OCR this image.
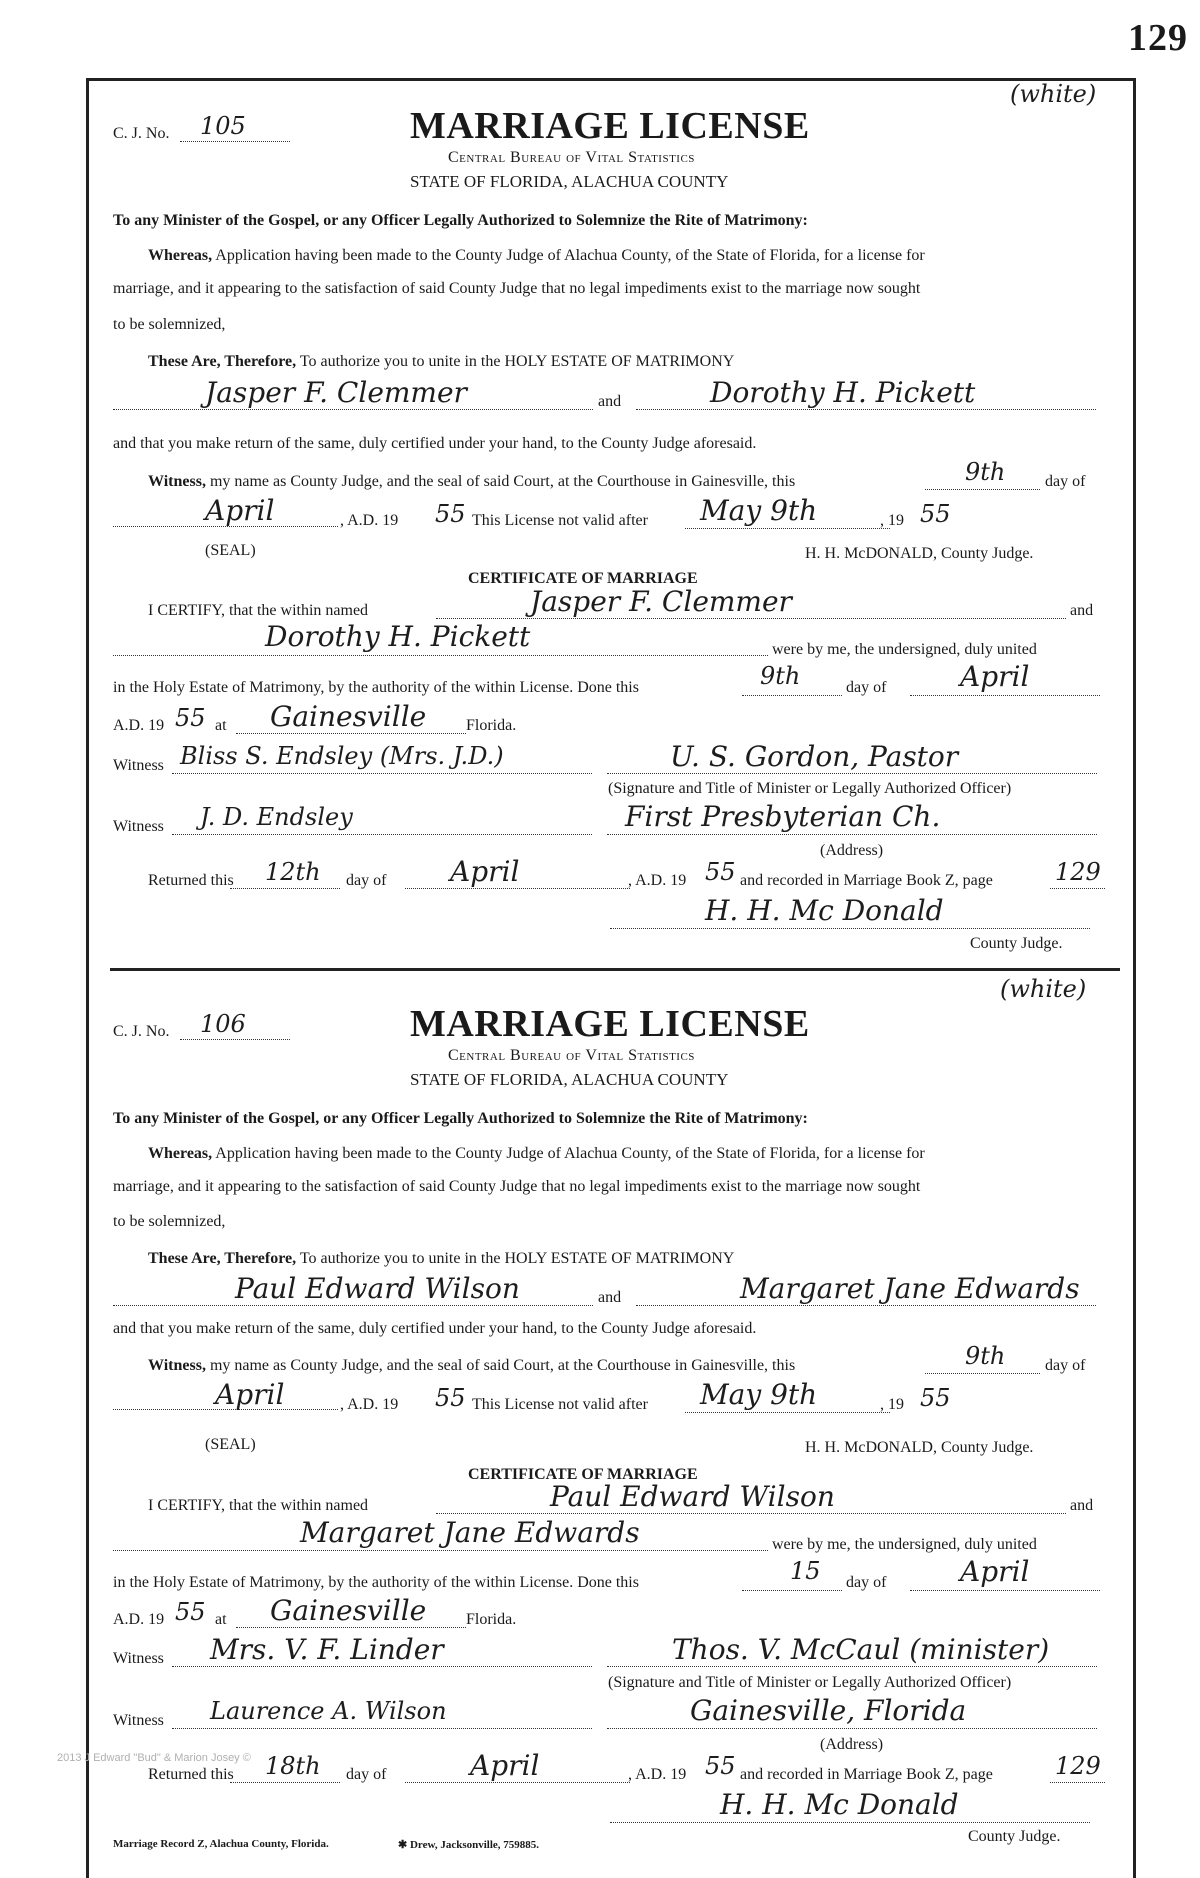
129
C. J. No. 105
(white)
MARRIAGE LICENSE
Central Bureau of Vital Statistics
STATE OF FLORIDA, ALACHUA COUNTY
To any Minister of the Gospel, or any Officer Legally Authorized to Solemnize the Rite of Matrimony:
Whereas, Application having been made to the County Judge of Alachua County, of the State of Florida, for a license for
marriage, and it appearing to the satisfaction of said County Judge that no legal impediments exist to the marriage now sought
to be solemnized,
These Are, Therefore, To authorize you to unite in the HOLY ESTATE OF MATRIMONY
Jasper F. Clemmer	and	Dorothy H. Pickett
and that you make return of the same, duly certified under your hand, to the County Judge aforesaid.
Witness, my name as County Judge, and the seal of said Court, at the Courthouse in Gainesville, this	9th day of
April	, A.D. 19 55 This License not valid after May 9th	, 19 55
(SEAL)	H. H. McDONALD, County Judge.
CERTIFICATE OF MARRIAGE
I CERTIFY, that the within named	Jasper F. Clemmer	and
Dorothy H. Pickett	were by me, the undersigned, duly united
in the Holy Estate of Matrimony, by the authority of the within License. Done this	9th	day of	April
A.D. 19 55 at Gainesville Florida.
Witness Bliss S. Endsley (Mrs. J.D.)	U. S. Gordon, Pastor
(Signature and Title of Minister or Legally Authorized Officer)
Witness J. D. Endsley	First Presbyterian Ch.
(Address)
Returned this 12th day of April	, A.D. 19 55 and recorded in Marriage Book Z, page	129
H. H. Mc Donald
County Judge.
C. J. No. 106
(white)
MARRIAGE LICENSE
Central Bureau of Vital Statistics
STATE OF FLORIDA, ALACHUA COUNTY
To any Minister of the Gospel, or any Officer Legally Authorized to Solemnize the Rite of Matrimony:
Whereas, Application having been made to the County Judge of Alachua County, of the State of Florida, for a license for
marriage, and it appearing to the satisfaction of said County Judge that no legal impediments exist to the marriage now sought
to be solemnized,
These Are, Therefore, To authorize you to unite in the HOLY ESTATE OF MATRIMONY
Paul Edward Wilson	and	Margaret Jane Edwards
and that you make return of the same, duly certified under your hand, to the County Judge aforesaid.
Witness, my name as County Judge, and the seal of said Court, at the Courthouse in Gainesville, this	9th day of
April	, A.D. 19 55 This License not valid after May 9th	, 19 55
(SEAL)	H. H. McDONALD, County Judge.
CERTIFICATE OF MARRIAGE
I CERTIFY, that the within named	Paul Edward Wilson	and
Margaret Jane Edwards	were by me, the undersigned, duly united
in the Holy Estate of Matrimony, by the authority of the within License. Done this	15 day of	April
A.D. 19 55 at Gainesville Florida.
Witness Mrs. V. F. Linder	Thos. V. McCaul (minister)
(Signature and Title of Minister or Legally Authorized Officer)
Witness Laurence A. Wilson	Gainesville, Florida
(Address)
2013 J Edward "Bud" & Marion Josey ©
Returned this 18th day of	April	, A.D. 19 55 and recorded in Marriage Book Z, page	129
H. H. Mc Donald
County Judge.
Marriage Record Z, Alachua County, Florida.	✱ Drew, Jacksonville, 759885.
